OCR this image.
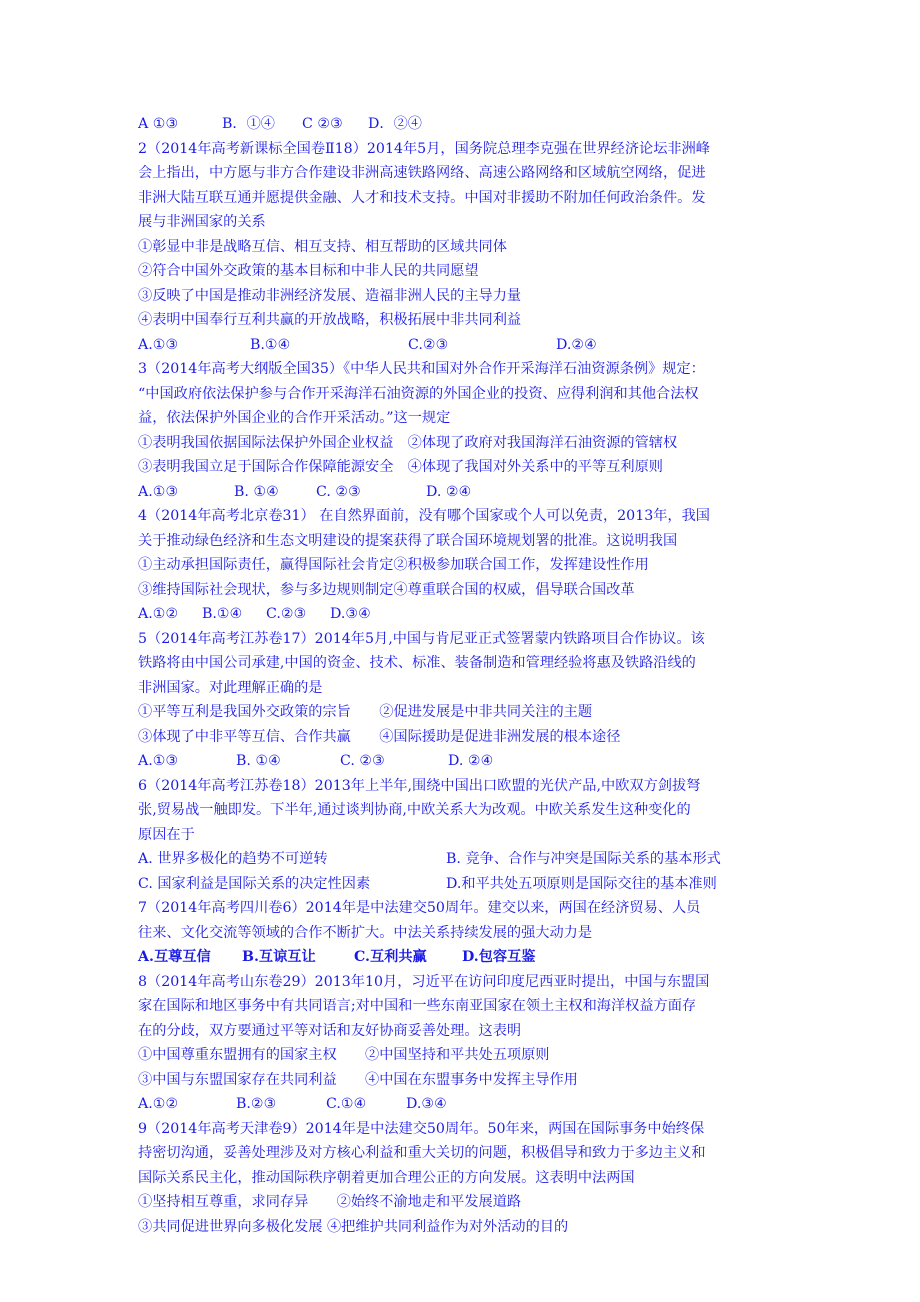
A ①③	B．①④	C ②③	D．②④
2（2014年高考新课标全国卷Ⅱ18）2014年5月，国务院总理李克强在世界经济论坛非洲峰
会上指出，中方愿与非方合作建设非洲高速铁路网络、高速公路网络和区域航空网络，促进
非洲大陆互联互通并愿提供金融、人才和技术支持。中国对非援助不附加任何政治条件。发
展与非洲国家的关系
①彰显中非是战略互信、相互支持、相互帮助的区域共同体
②符合中国外交政策的基本目标和中非人民的共同愿望
③反映了中国是推动非洲经济发展、造福非洲人民的主导力量
④表明中国奉行互利共赢的开放战略，积极拓展中非共同利益
A.①③	B.①④	C.②③	D.②④
3（2014年高考大纲版全国35）《中华人民共和国对外合作开采海洋石油资源条例》规定：
“中国政府依法保护参与合作开采海洋石油资源的外国企业的投资、应得利润和其他合法权
益，依法保护外国企业的合作开采活动。”这一规定
①表明我国依据国际法保护外国企业权益　②体现了政府对我国海洋石油资源的管辖权
③表明我国立足于国际合作保障能源安全　④体现了我国对外关系中的平等互利原则
A.①③	B. ①④	C. ②③	D. ②④
4（2014年高考北京卷31） 在自然界面前，没有哪个国家或个人可以免责，2013年，我国
关于推动绿色经济和生态文明建设的提案获得了联合国环境规划署的批准。这说明我国
①主动承担国际责任，赢得国际社会肯定②积极参加联合国工作，发挥建设性作用
③维持国际社会现状，参与多边规则制定④尊重联合国的权威，倡导联合国改革
A.①②	B.①④	C.②③	D.③④
5（2014年高考江苏卷17）2014年5月,中国与肯尼亚正式签署蒙内铁路项目合作协议。该
铁路将由中国公司承建,中国的资金、技术、标准、装备制造和管理经验将惠及铁路沿线的
非洲国家。对此理解正确的是
①平等互利是我国外交政策的宗旨　　②促进发展是中非共同关注的主题
③体现了中非平等互信、合作共赢　　④国际援助是促进非洲发展的根本途径
A.①③	B. ①④	C. ②③	D. ②④
6（2014年高考江苏卷18）2013年上半年,围绕中国出口欧盟的光伏产品,中欧双方剑拔弩
张,贸易战一触即发。下半年,通过谈判协商,中欧关系大为改观。中欧关系发生这种变化的
原因在于
A. 世界多极化的趋势不可逆转	B. 竞争、合作与冲突是国际关系的基本形式
C. 国家利益是国际关系的决定性因素	D.和平共处五项原则是国际交往的基本准则
7（2014年高考四川卷6）2014年是中法建交50周年。建交以来，两国在经济贸易、人员
往来、文化交流等领域的合作不断扩大。中法关系持续发展的强大动力是
A.互尊互信	B.互谅互让	C.互利共赢	D.包容互鉴
8（2014年高考山东卷29）2013年10月，习近平在访问印度尼西亚时提出，中国与东盟国
家在国际和地区事务中有共同语言;对中国和一些东南亚国家在领土主权和海洋权益方面存
在的分歧，双方要通过平等对话和友好协商妥善处理。这表明
①中国尊重东盟拥有的国家主权　　②中国坚持和平共处五项原则
③中国与东盟国家存在共同利益　　④中国在东盟事务中发挥主导作用
A.①②	B.②③	C.①④	D.③④
9（2014年高考天津卷9）2014年是中法建交50周年。50年来，两国在国际事务中始终保
持密切沟通，妥善处理涉及对方核心利益和重大关切的问题，积极倡导和致力于多边主义和
国际关系民主化，推动国际秩序朝着更加合理公正的方向发展。这表明中法两国
①坚持相互尊重，求同存异　　②始终不渝地走和平发展道路
③共同促进世界向多极化发展 ④把维护共同利益作为对外活动的目的
